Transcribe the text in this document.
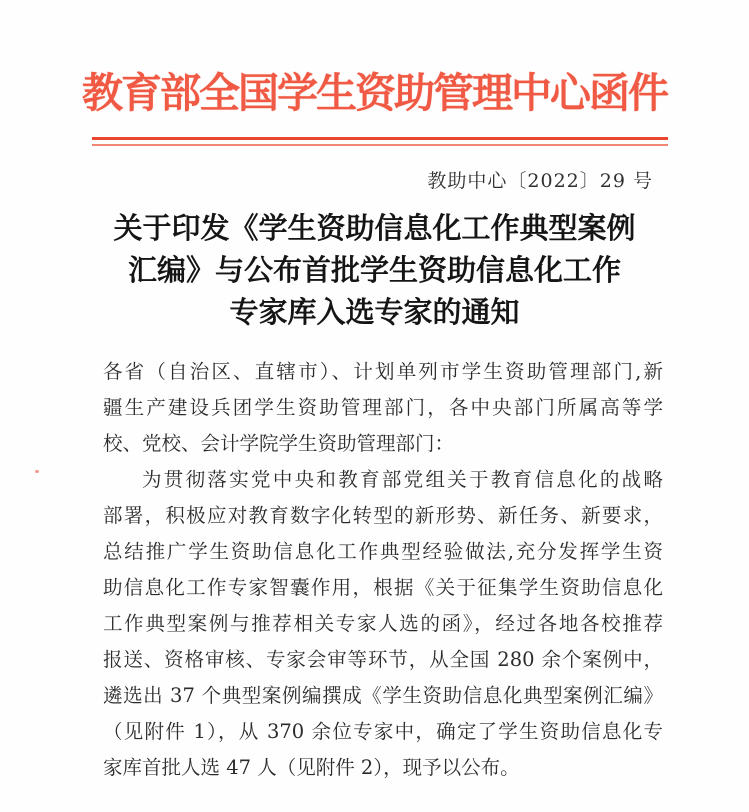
教育部全国学生资助管理中心函件
教助中心〔2022〕29 号
关于印发《学生资助信息化工作典型案例
汇编》与公布首批学生资助信息化工作
专家库入选专家的通知
各省（自治区、直辖市）、计划单列市学生资助管理部门,新
疆生产建设兵团学生资助管理部门，各中央部门所属高等学
校、党校、会计学院学生资助管理部门：
为贯彻落实党中央和教育部党组关于教育信息化的战略
部署，积极应对教育数字化转型的新形势、新任务、新要求，
总结推广学生资助信息化工作典型经验做法,充分发挥学生资
助信息化工作专家智囊作用，根据《关于征集学生资助信息化
工作典型案例与推荐相关专家人选的函》，经过各地各校推荐
报送、资格审核、专家会审等环节，从全国 280 余个案例中，
遴选出 37 个典型案例编撰成《学生资助信息化典型案例汇编》
（见附件 1），从 370 余位专家中，确定了学生资助信息化专
家库首批人选 47 人（见附件 2），现予以公布。
